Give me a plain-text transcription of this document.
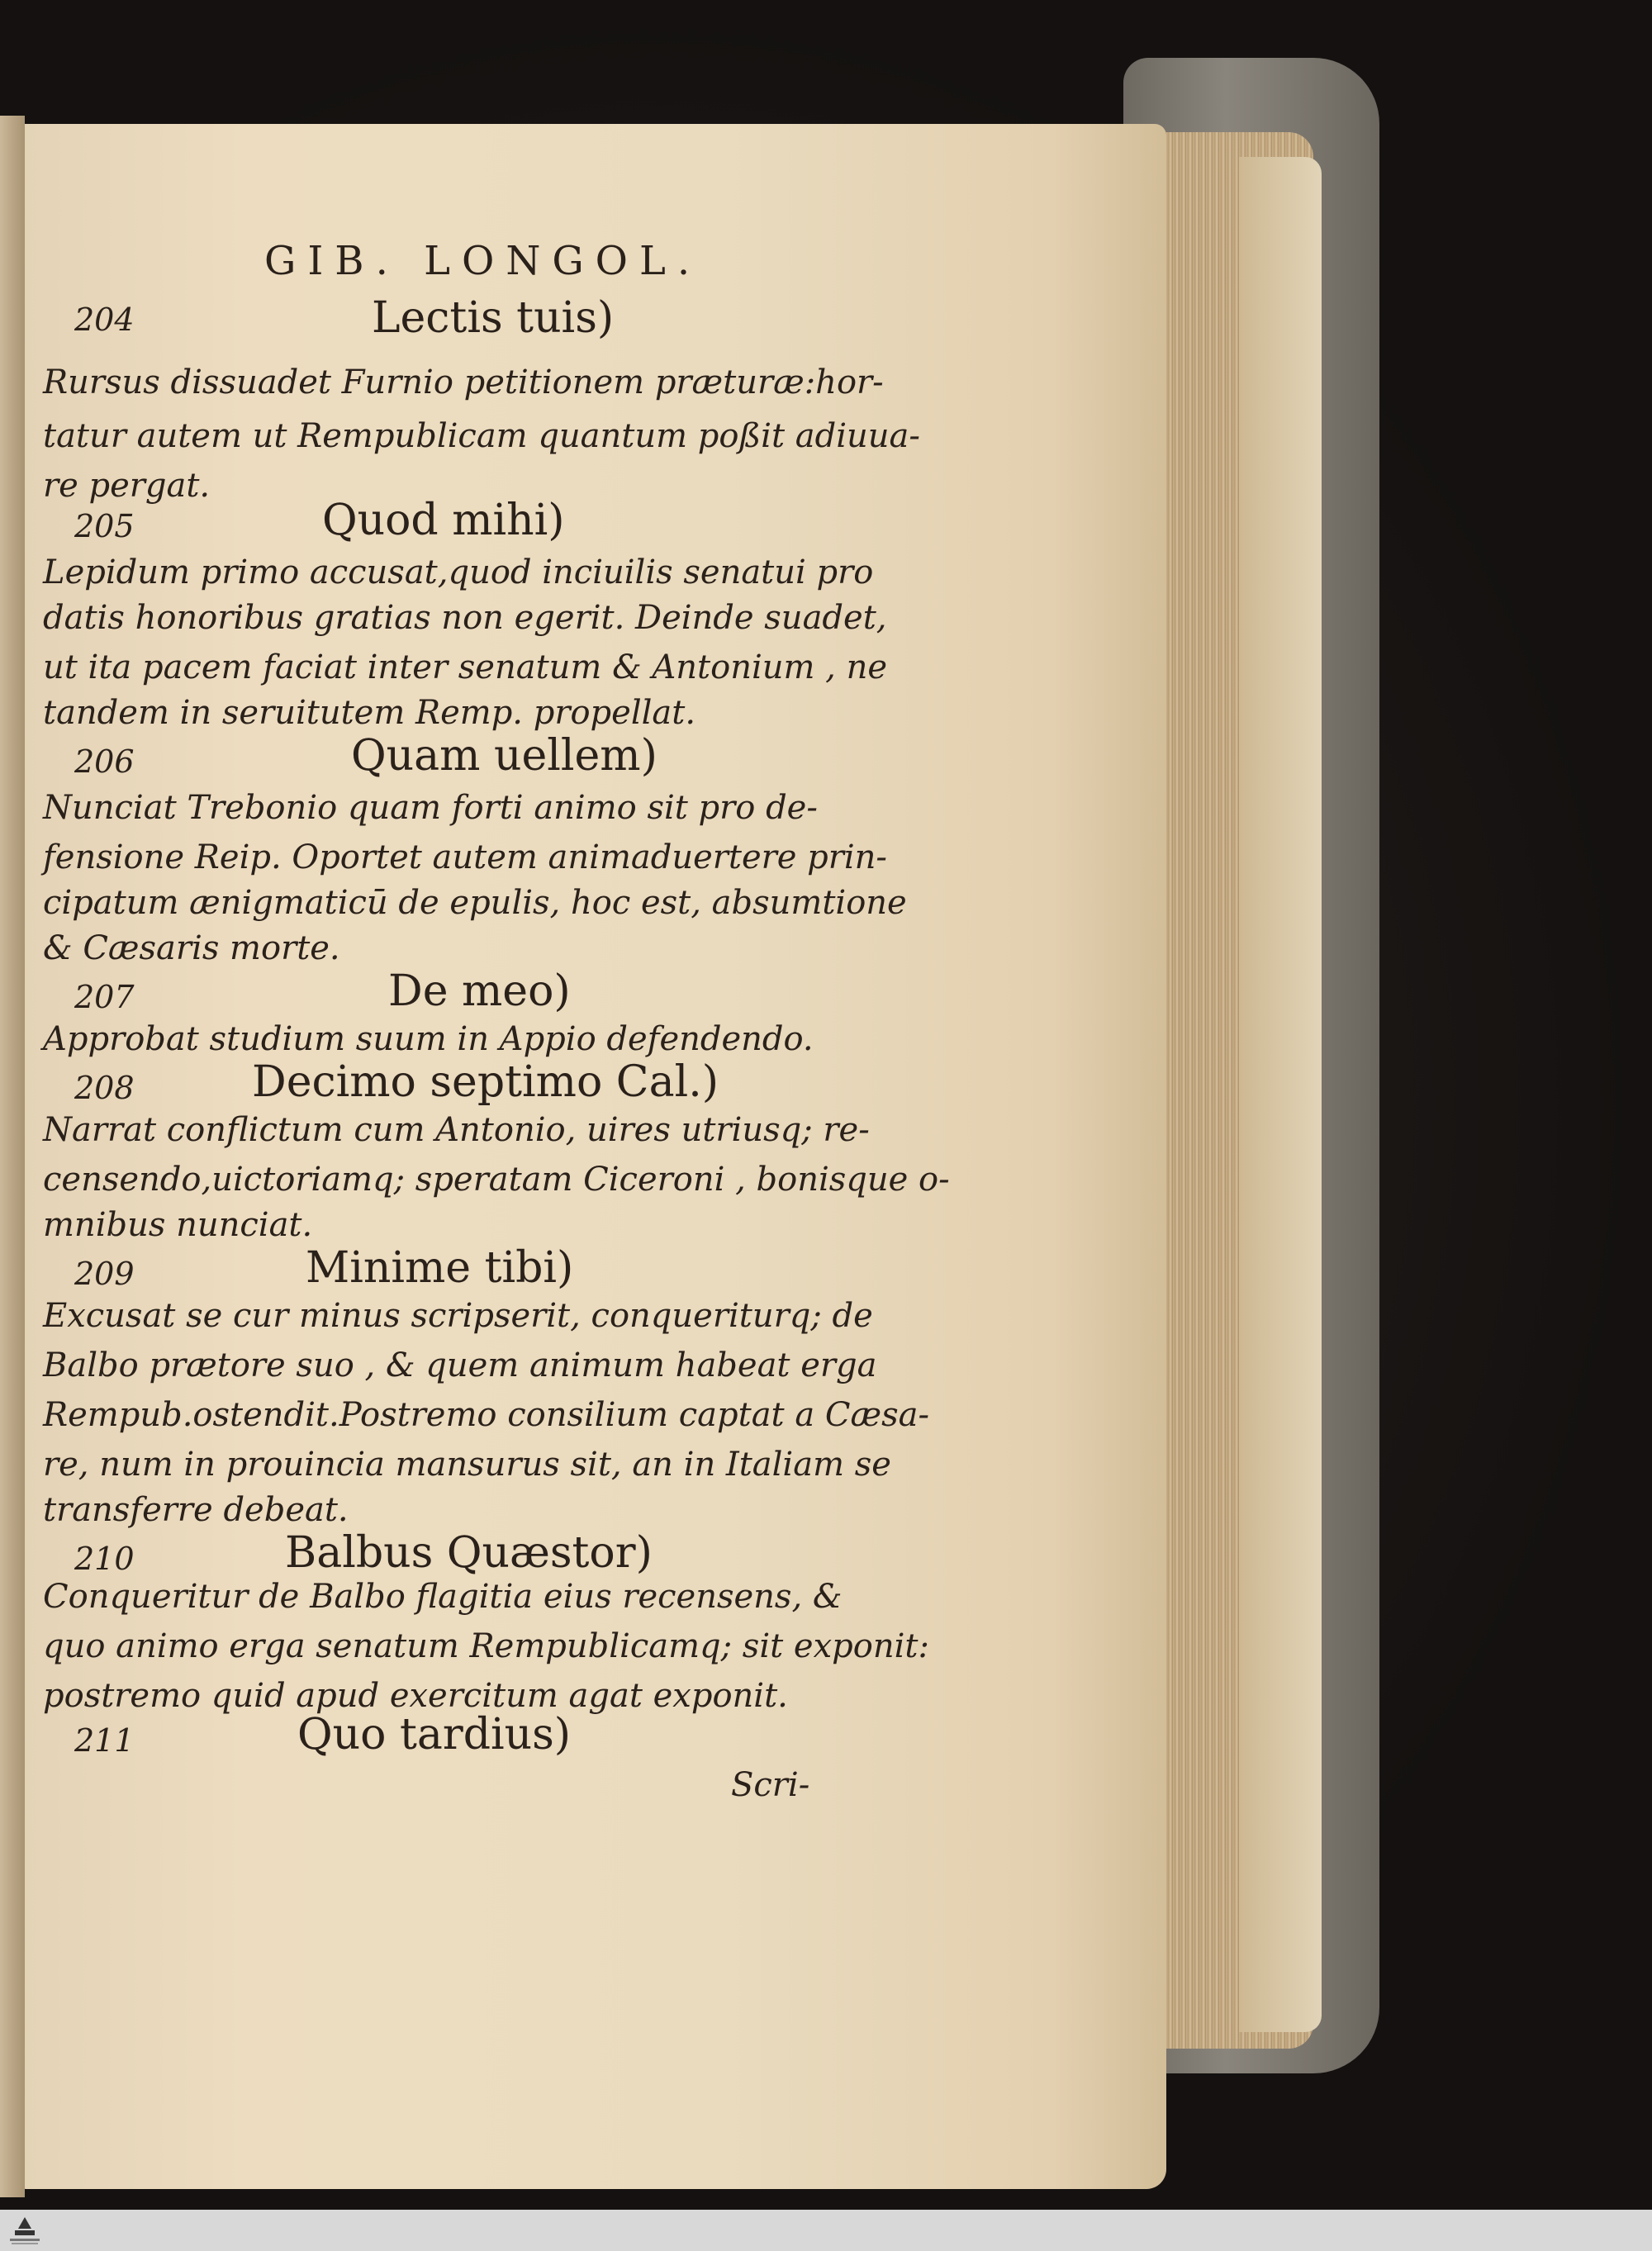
GIB. LONGOL.
204	Lectis tuis)
Rursus dissuadet Furnio petitionem præturæ:hor-
tatur autem ut Rempublicam quantum poßit adiuua-
re pergat.
205	Quod mihi)
Lepidum primo accusat,quod inciuilis senatui pro
datis honoribus gratias non egerit. Deinde suadet,
ut ita pacem faciat inter senatum & Antonium , ne
tandem in seruitutem Remp. propellat.
206	Quam uellem)
Nunciat Trebonio quam forti animo sit pro de-
fensione Reip. Oportet autem animaduertere prin-
cipatum ænigmaticū de epulis, hoc est, absumtione
& Cæsaris morte.
207	De meo)
Approbat studium suum in Appio defendendo.
208	Decimo septimo Cal.)
Narrat conflictum cum Antonio, uires utriusq; re-
censendo,uictoriamq; speratam Ciceroni , bonisque o-
mnibus nunciat.
209	Minime tibi)
Excusat se cur minus scripserit, conqueriturq; de
Balbo prætore suo , & quem animum habeat erga
Rempub.ostendit.Postremo consilium captat a Cæsa-
re, num in prouincia mansurus sit, an in Italiam se
transferre debeat.
210	Balbus Quæstor)
Conqueritur de Balbo flagitia eius recensens, &
quo animo erga senatum Rempublicamq; sit exponit:
postremo quid apud exercitum agat exponit.
211	Quo tardius)
Scri-
